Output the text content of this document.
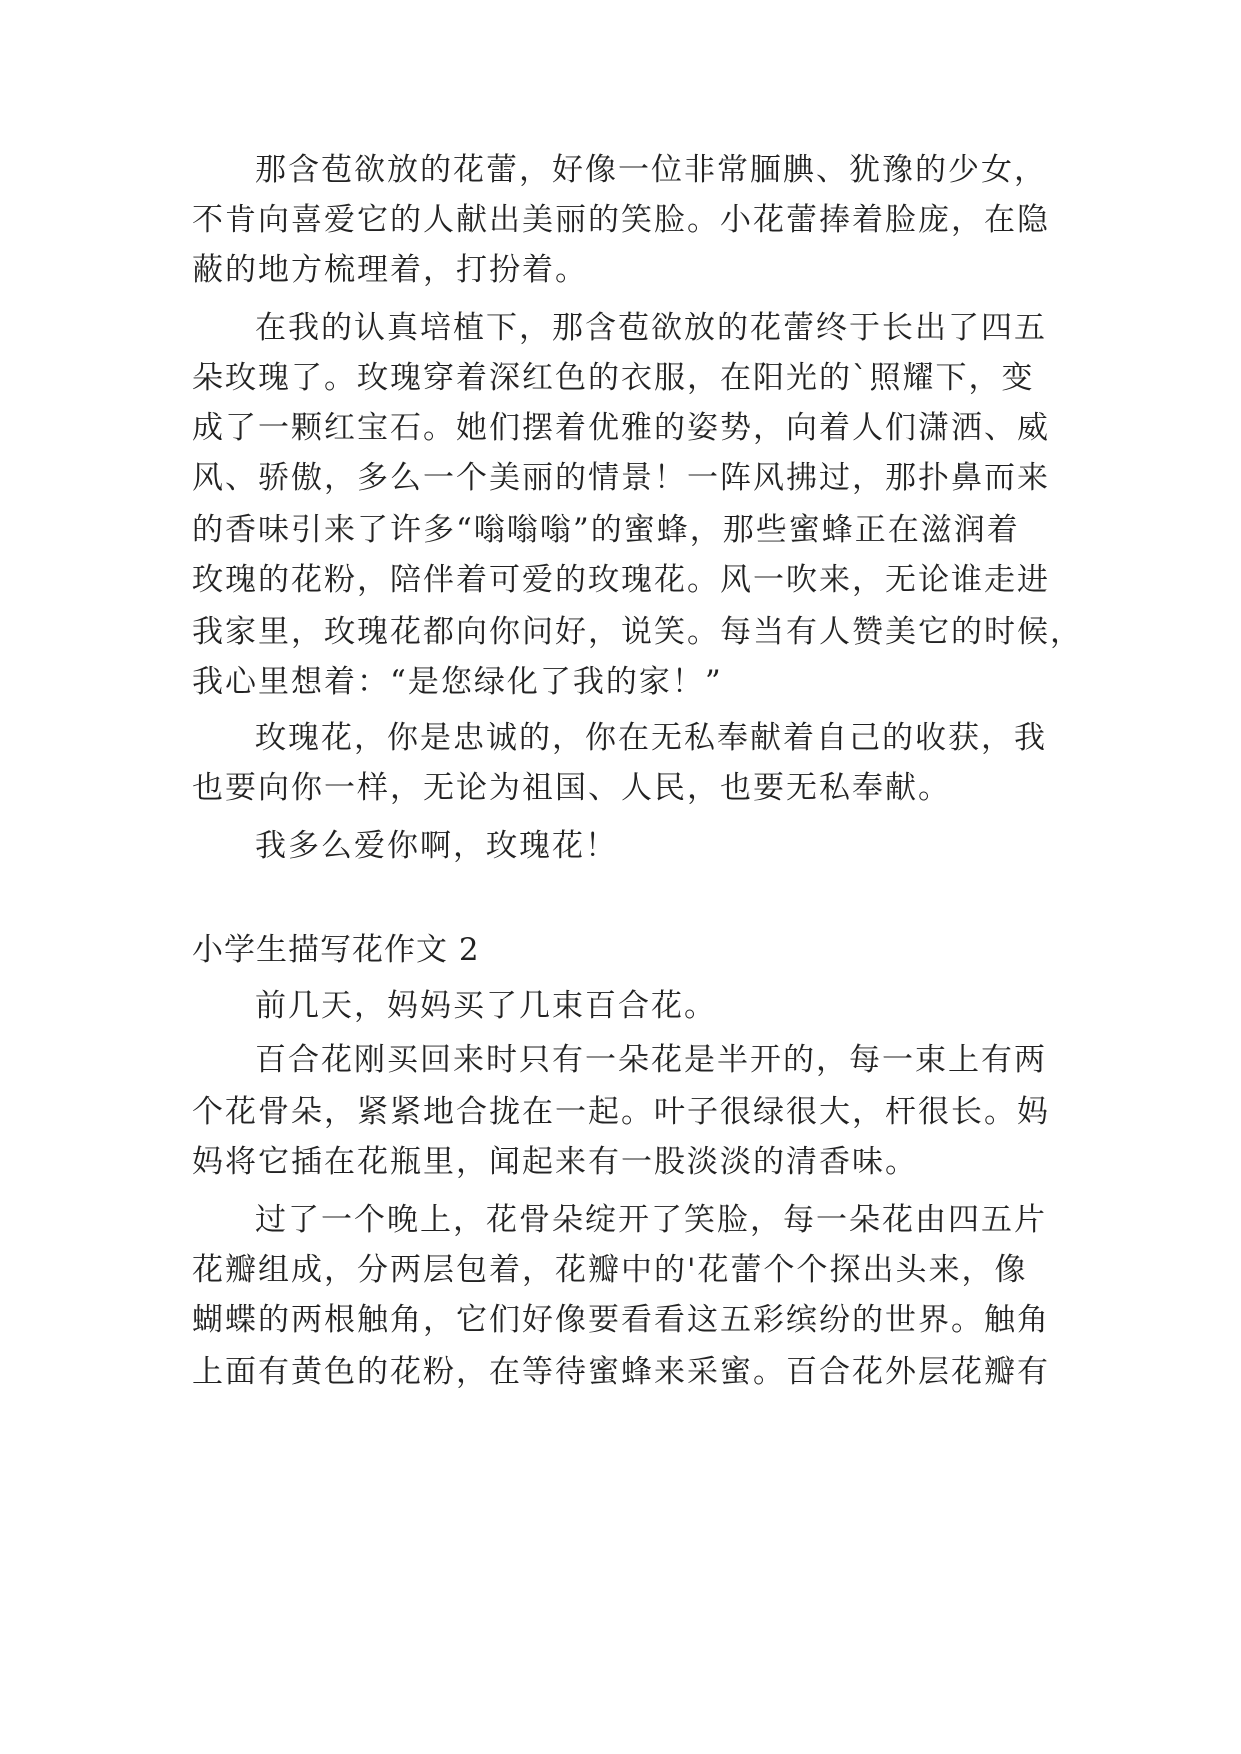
那含苞欲放的花蕾，好像一位非常腼腆、犹豫的少女，
不肯向喜爱它的人献出美丽的笑脸。小花蕾捧着脸庞，在隐
蔽的地方梳理着，打扮着。
在我的认真培植下，那含苞欲放的花蕾终于长出了四五
朵玫瑰了。玫瑰穿着深红色的衣服，在阳光的`照耀下，变
成了一颗红宝石。她们摆着优雅的姿势，向着人们潇洒、威
风、骄傲，多么一个美丽的情景！一阵风拂过，那扑鼻而来
的香味引来了许多“嗡嗡嗡”的蜜蜂，那些蜜蜂正在滋润着
玫瑰的花粉，陪伴着可爱的玫瑰花。风一吹来，无论谁走进
我家里，玫瑰花都向你问好，说笑。每当有人赞美它的时候，
我心里想着：“是您绿化了我的家！”
玫瑰花，你是忠诚的，你在无私奉献着自己的收获，我
也要向你一样，无论为祖国、人民，也要无私奉献。
我多么爱你啊，玫瑰花！
小学生描写花作文 2
前几天，妈妈买了几束百合花。
百合花刚买回来时只有一朵花是半开的，每一束上有两
个花骨朵，紧紧地合拢在一起。叶子很绿很大，杆很长。妈
妈将它插在花瓶里，闻起来有一股淡淡的清香味。
过了一个晚上，花骨朵绽开了笑脸，每一朵花由四五片
花瓣组成，分两层包着，花瓣中的'花蕾个个探出头来，像
蝴蝶的两根触角，它们好像要看看这五彩缤纷的世界。触角
上面有黄色的花粉，在等待蜜蜂来采蜜。百合花外层花瓣有
